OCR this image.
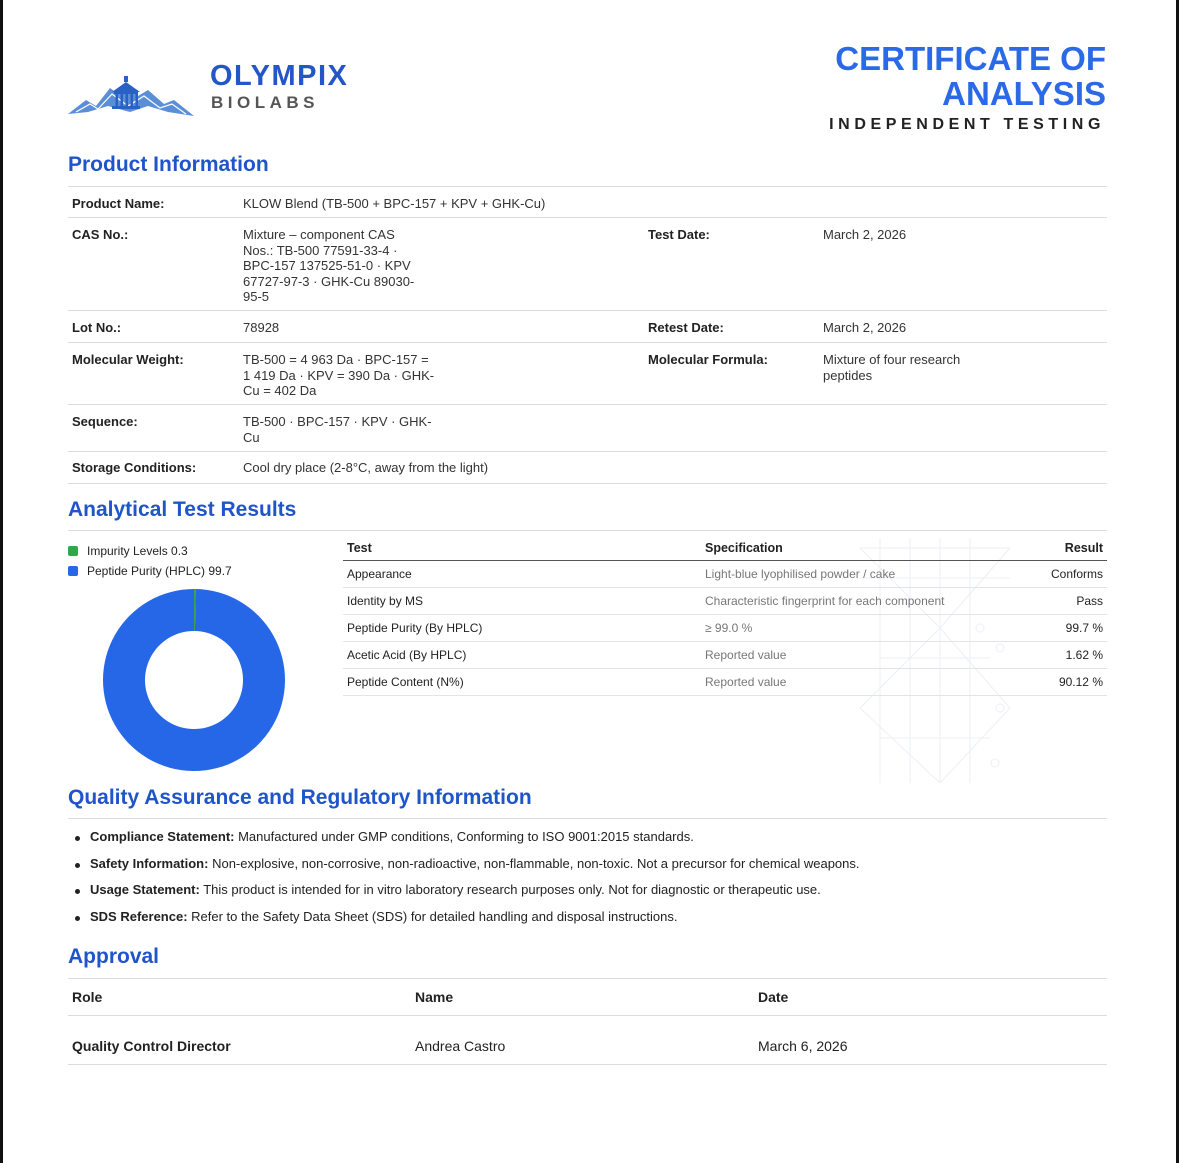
OLYMPIX
BIOLABS
CERTIFICATE OF
ANALYSIS
INDEPENDENT TESTING
Product Information
Product Name:	KLOW Blend (TB-500 + BPC-157 + KPV + GHK-Cu)
CAS No.:	Mixture – component CAS
Nos.: TB-500 77591-33-4 ·
BPC-157 137525-51-0 · KPV
67727-97-3 · GHK-Cu 89030-
95-5
Test Date:	March 2, 2026
Lot No.:	78928	Retest Date:	March 2, 2026
Molecular Weight:	TB-500 = 4 963 Da · BPC-157 =
1 419 Da · KPV = 390 Da · GHK-
Cu = 402 Da
Molecular Formula:	Mixture of four research
peptides
Sequence:	TB-500 · BPC-157 · KPV · GHK-
Cu
Storage Conditions:	Cool dry place (2-8°C, away from the light)
Analytical Test Results
Impurity Levels 0.3
Peptide Purity (HPLC) 99.7
Test	Specification	Result
Appearance	Light-blue lyophilised powder / cake	Conforms
Identity by MS	Characteristic fingerprint for each component	Pass
Peptide Purity (By HPLC)	≥ 99.0 %	99.7 %
Acetic Acid (By HPLC)	Reported value	1.62 %
Peptide Content (N%)	Reported value	90.12 %
Quality Assurance and Regulatory Information
Compliance Statement: Manufactured under GMP conditions, Conforming to ISO 9001:2015 standards.
Safety Information: Non-explosive, non-corrosive, non-radioactive, non-flammable, non-toxic. Not a precursor for chemical weapons.
Usage Statement: This product is intended for in vitro laboratory research purposes only. Not for diagnostic or therapeutic use.
SDS Reference: Refer to the Safety Data Sheet (SDS) for detailed handling and disposal instructions.
Approval
Role	Name	Date
Quality Control Director	Andrea Castro	March 6, 2026
